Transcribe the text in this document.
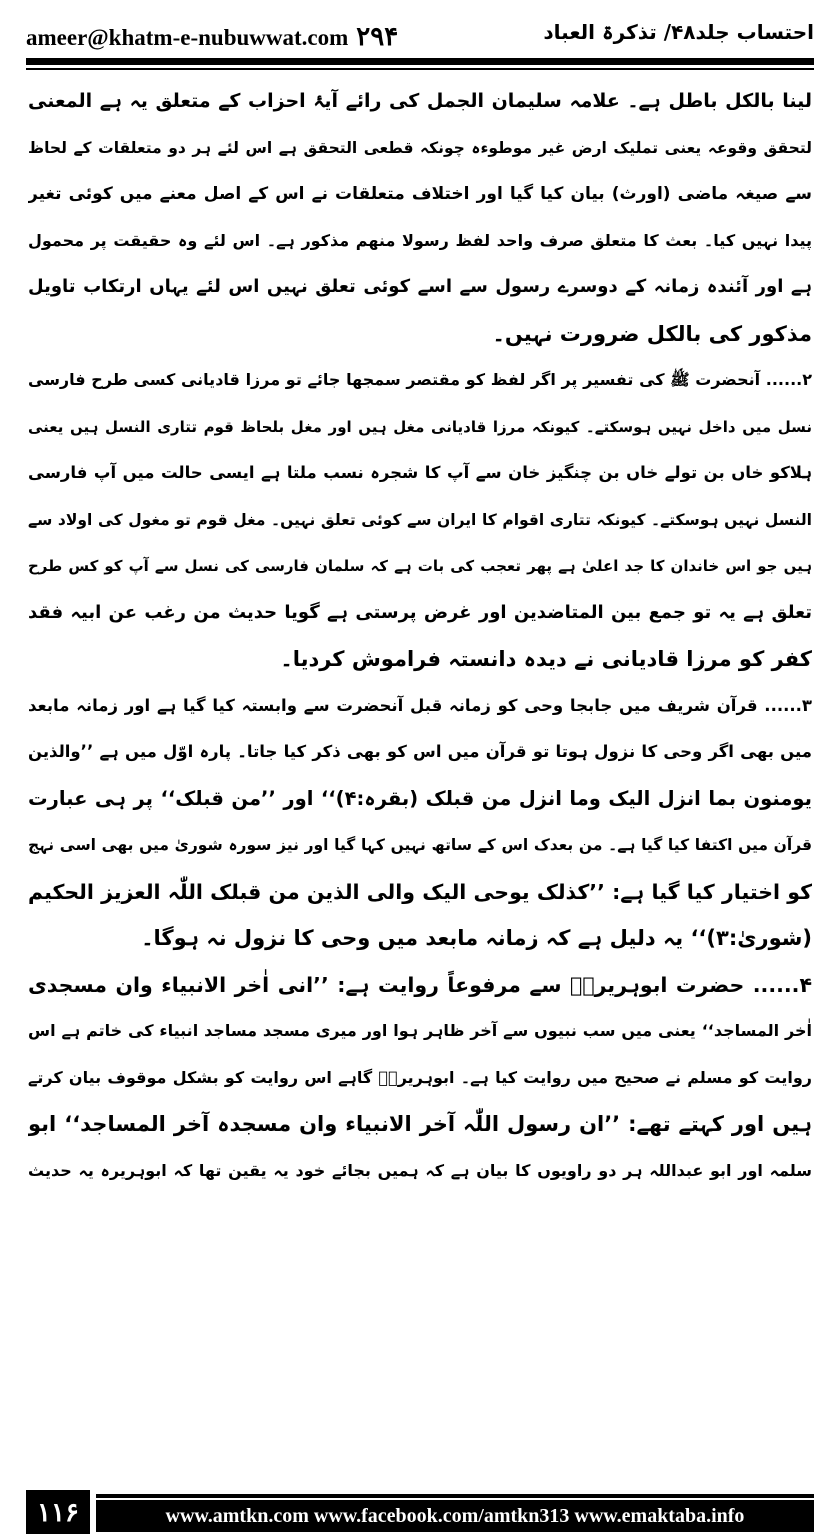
ameer@khatm-e-nubuwwat.com ۲۹۴	احتساب جلد۴۸/ تذکرۃ العباد
لینا بالکل باطل ہے۔ علامہ سلیمان الجمل کی رائے آیۂ احزاب کے متعلق یہ ہے المعنی
لتحقق وقوعہ یعنی تملیک ارض غیر موطوءہ چونکہ قطعی التحقق ہے اس لئے ہر دو متعلقات کے لحاظ
سے صیغہ ماضی (اورث) بیان کیا گیا اور اختلاف متعلقات نے اس کے اصل معنے میں کوئی تغیر
پیدا نہیں کیا۔ بعث کا متعلق صرف واحد لفظ رسولا منھم مذکور ہے۔ اس لئے وہ حقیقت پر محمول
ہے اور آئندہ زمانہ کے دوسرے رسول سے اسے کوئی تعلق نہیں اس لئے یہاں ارتکاب تاویل
مذکور کی بالکل ضرورت نہیں۔
۲...... آنحضرت ﷺ کی تفسیر پر اگر لفظ کو مقتصر سمجھا جائے تو مرزا قادیانی کسی طرح فارسی
نسل میں داخل نہیں ہوسکتے۔ کیونکہ مرزا قادیانی مغل ہیں اور مغل بلحاظ قوم تتاری النسل ہیں یعنی
ہلاکو خاں بن تولے خاں بن چنگیز خان سے آپ کا شجرہ نسب ملتا ہے ایسی حالت میں آپ فارسی
النسل نہیں ہوسکتے۔ کیونکہ تتاری اقوام کا ایران سے کوئی تعلق نہیں۔ مغل قوم تو مغول کی اولاد سے
ہیں جو اس خاندان کا جد اعلیٰ ہے پھر تعجب کی بات ہے کہ سلمان فارسی کی نسل سے آپ کو کس طرح
تعلق ہے یہ تو جمع بین المتاضدین اور غرض پرستی ہے گویا حدیث من رغب عن ابیہ فقد
کفر کو مرزا قادیانی نے دیدہ دانستہ فراموش کردیا۔
۳...... قرآن شریف میں جابجا وحی کو زمانہ قبل آنحضرت سے وابستہ کیا گیا ہے اور زمانہ مابعد
میں بھی اگر وحی کا نزول ہوتا تو قرآن میں اس کو بھی ذکر کیا جاتا۔ پارہ اوّل میں ہے ’’والذین
یومنون بما انزل الیک وما انزل من قبلک (بقرہ:۴)‘‘ اور ’’من قبلک‘‘ پر ہی عبارت
قرآن میں اکتفا کیا گیا ہے۔ من بعدک اس کے ساتھ نہیں کہا گیا اور نیز سورہ شوریٰ میں بھی اسی نہج
کو اختیار کیا گیا ہے: ’’کذلک یوحی الیک والی الذین من قبلک اللّٰہ العزیز الحکیم
(شوریٰ:۳)‘‘ یہ دلیل ہے کہ زمانہ مابعد میں وحی کا نزول نہ ہوگا۔
۴...... حضرت ابوہریرہؓ سے مرفوعاً روایت ہے: ’’انی اٰخر الانبیاء وان مسجدی
اٰخر المساجد‘‘ یعنی میں سب نبیوں سے آخر ظاہر ہوا اور میری مسجد مساجد انبیاء کی خاتم ہے اس
روایت کو مسلم نے صحیح میں روایت کیا ہے۔ ابوہریرہؓ گاہے اس روایت کو بشکل موقوف بیان کرتے
ہیں اور کہتے تھے: ’’ان رسول اللّٰہ آخر الانبیاء وان مسجدہ آخر المساجد‘‘ ابو
سلمہ اور ابو عبداللہ ہر دو راویوں کا بیان ہے کہ ہمیں بجائے خود یہ یقین تھا کہ ابوہریرہ یہ حدیث
۱۱۶	www.amtkn.com www.facebook.com/amtkn313 www.emaktaba.info
